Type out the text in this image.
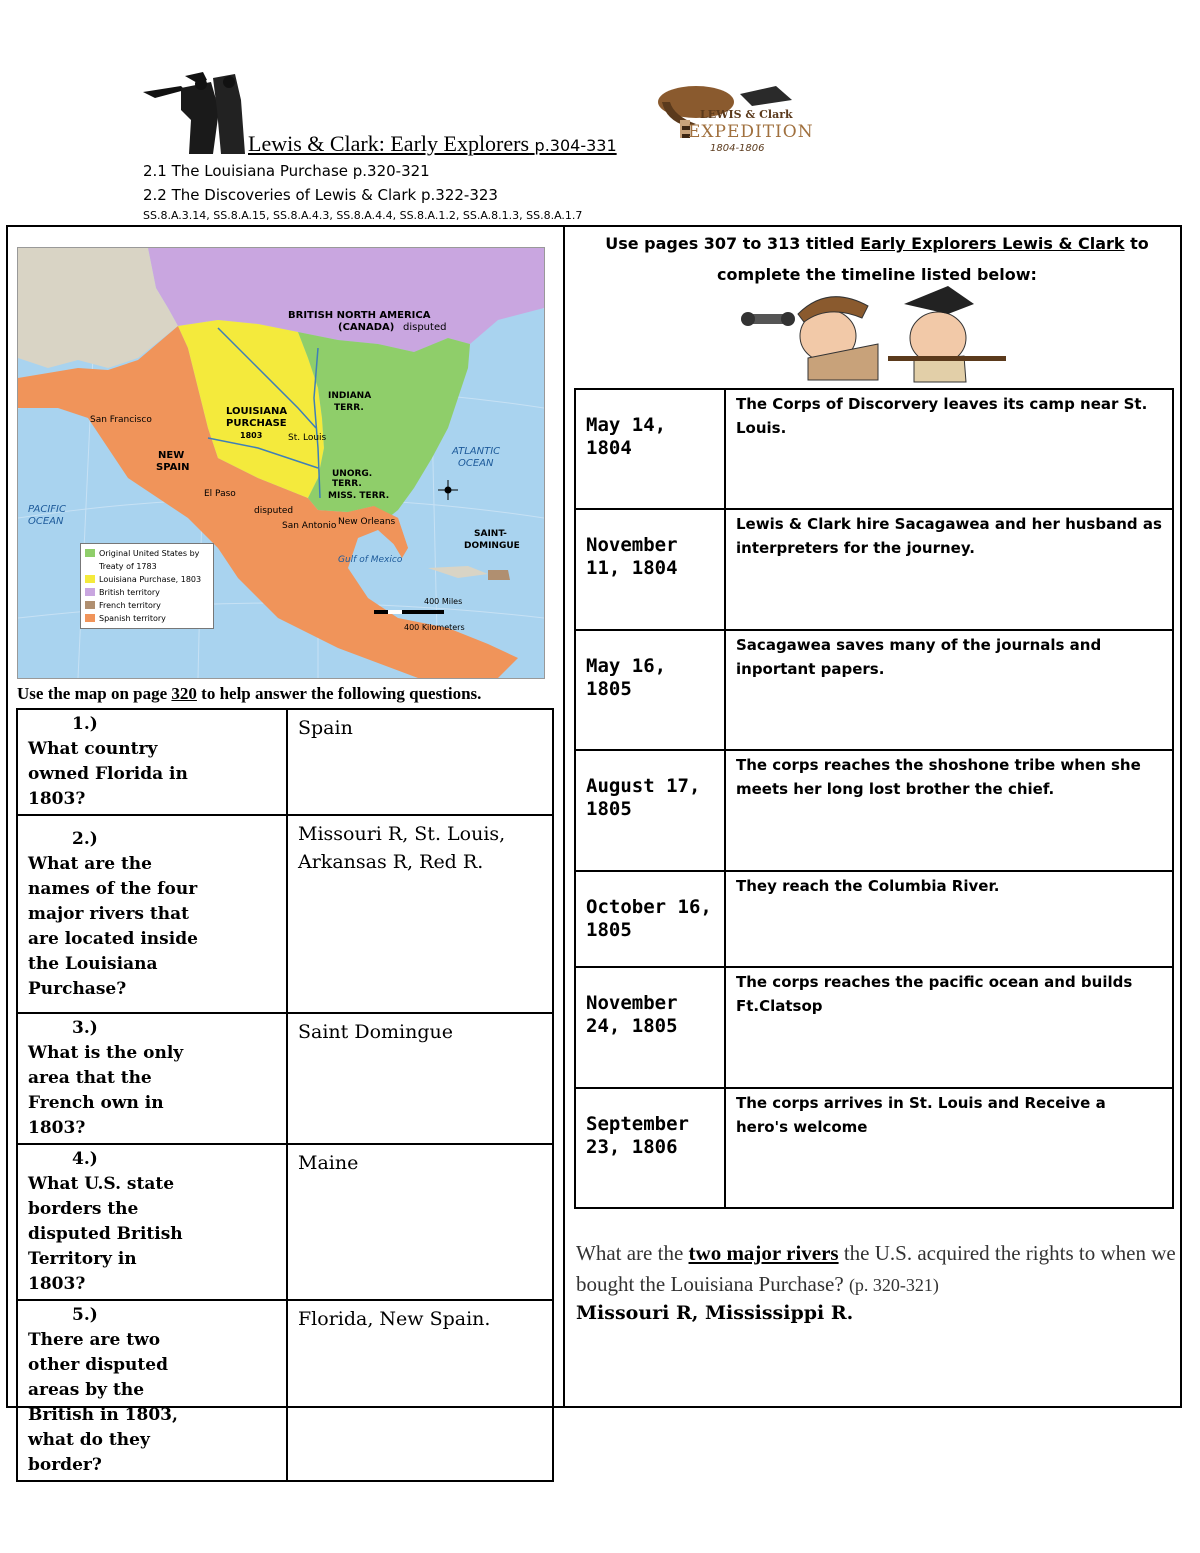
Lewis & Clark: Early Explorers p.304-331
LEWIS & Clark
EXPEDITION
1804-1806
2.1 The Louisiana Purchase p.320-321
2.2 The Discoveries of Lewis & Clark p.322-323
SS.8.A.3.14, SS.8.A.15, SS.8.A.4.3, SS.8.A.4.4, SS.8.A.1.2, SS.A.8.1.3, SS.8.A.1.7
BRITISH NORTH AMERICA
(CANADA) disputed
LOUISIANA
PURCHASE
1803
NEW
SPAIN
INDIANA
TERR.
UNORG.
TERR.
MISS. TERR.
ATLANTIC
OCEAN
PACIFIC
OCEAN
Gulf of Mexico
SAINT-
DOMINGUE
San Francisco
El Paso
St. Louis
New Orleans
San Antonio
disputed
400 Miles
400 Kilometers
Original United States by Treaty of 1783
Louisiana Purchase, 1803
British territory
French territory
Spanish territory
Use the map on page 320 to help answer the following questions.
1.)What country owned Florida in 1803?	Spain
2.)What are the names of the four major rivers that are located inside the Louisiana Purchase?	Missouri R, St. Louis, Arkansas R, Red R.
3.)What is the only area that the French own in 1803?	Saint Domingue
4.)What U.S. state borders the disputed British Territory in 1803?	Maine
5.)There are two other disputed areas by the British in 1803, what do they border?	Florida, New Spain.
Use pages 307 to 313 titled Early Explorers Lewis & Clark to complete the timeline listed below:
May 14, 1804	The Corps of Discorvery leaves its camp near St. Louis.
November 11, 1804	Lewis & Clark hire Sacagawea and her husband as interpreters for the journey.
May 16, 1805	Sacagawea saves many of the journals and inportant papers.
August 17, 1805	The corps reaches the shoshone tribe when she meets her long lost brother the chief.
October 16, 1805	They reach the Columbia River.
November 24, 1805	The corps reaches the pacific ocean and builds Ft.Clatsop
September 23, 1806	The corps arrives in St. Louis and Receive a hero's welcome
What are the two major rivers the U.S. acquired the rights to when we bought the Louisiana Purchase? (p. 320-321)
Missouri R, Mississippi R.
